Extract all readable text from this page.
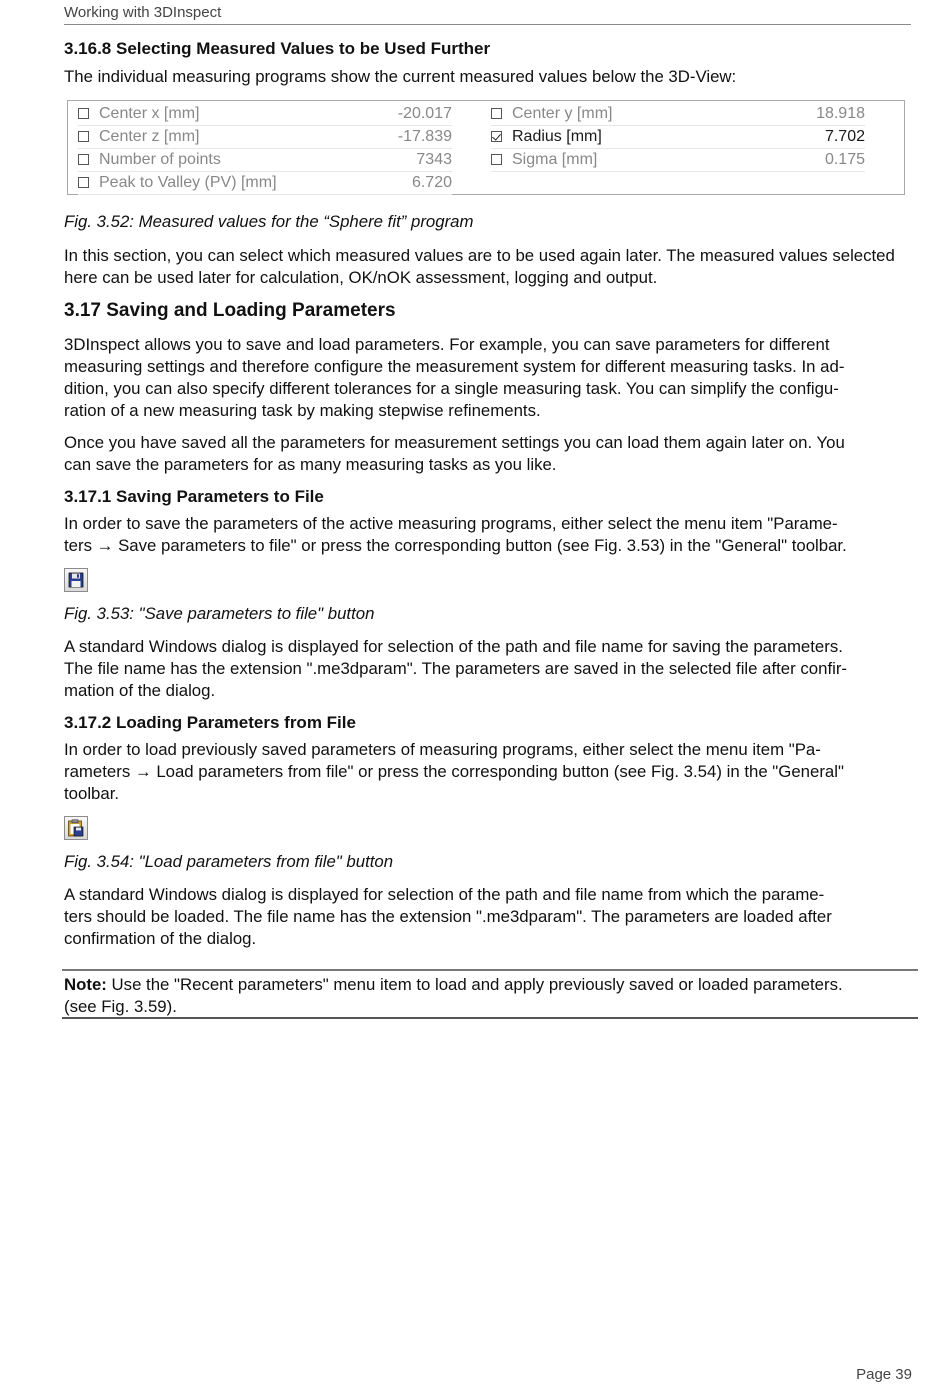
Working with 3DInspect
3.16.8 Selecting Measured Values to be Used Further

The individual measuring programs show the current measured values below the 3D-View:

Center x [mm]	-20.017
Center z [mm]	-17.839
Number of points	7343
Peak to Valley (PV) [mm]	6.720
Center y [mm]	18.918
Radius [mm]	7.702
Sigma [mm]	0.175

Fig. 3.52: Measured values for the “Sphere fit” program

In this section, you can select which measured values are to be used again later. The measured values selected here can be used later for calculation, OK/nOK assessment, logging and output.

3.17 Saving and Loading Parameters
3DInspect allows you to save and load parameters. For example, you can save parameters for different
measuring settings and therefore configure the measurement system for different measuring tasks. In ad-
dition, you can also specify different tolerances for a single measuring task. You can simplify the configu-
ration of a new measuring task by making stepwise refinements.
Once you have saved all the parameters for measurement settings you can load them again later on. You
can save the parameters for as many measuring tasks as you like.
3.17.1 Saving Parameters to File
In order to save the parameters of the active measuring programs, either select the menu item "Parame-
ters → Save parameters to file" or press the corresponding button (see Fig. 3.53) in the "General" toolbar.

Fig. 3.53: "Save parameters to file" button

A standard Windows dialog is displayed for selection of the path and file name for saving the parameters.
The file name has the extension ".me3dparam". The parameters are saved in the selected file after confir-
mation of the dialog.
3.17.2 Loading Parameters from File
In order to load previously saved parameters of measuring programs, either select the menu item "Pa-
rameters → Load parameters from file" or press the corresponding button (see Fig. 3.54) in the "General"
toolbar.

Fig. 3.54: "Load parameters from file" button

A standard Windows dialog is displayed for selection of the path and file name from which the parame-
ters should be loaded. The file name has the extension ".me3dparam". The parameters are loaded after
confirmation of the dialog.
Note: Use the "Recent parameters" menu item to load and apply previously saved or loaded parameters.
(see Fig. 3.59).
Page 39
